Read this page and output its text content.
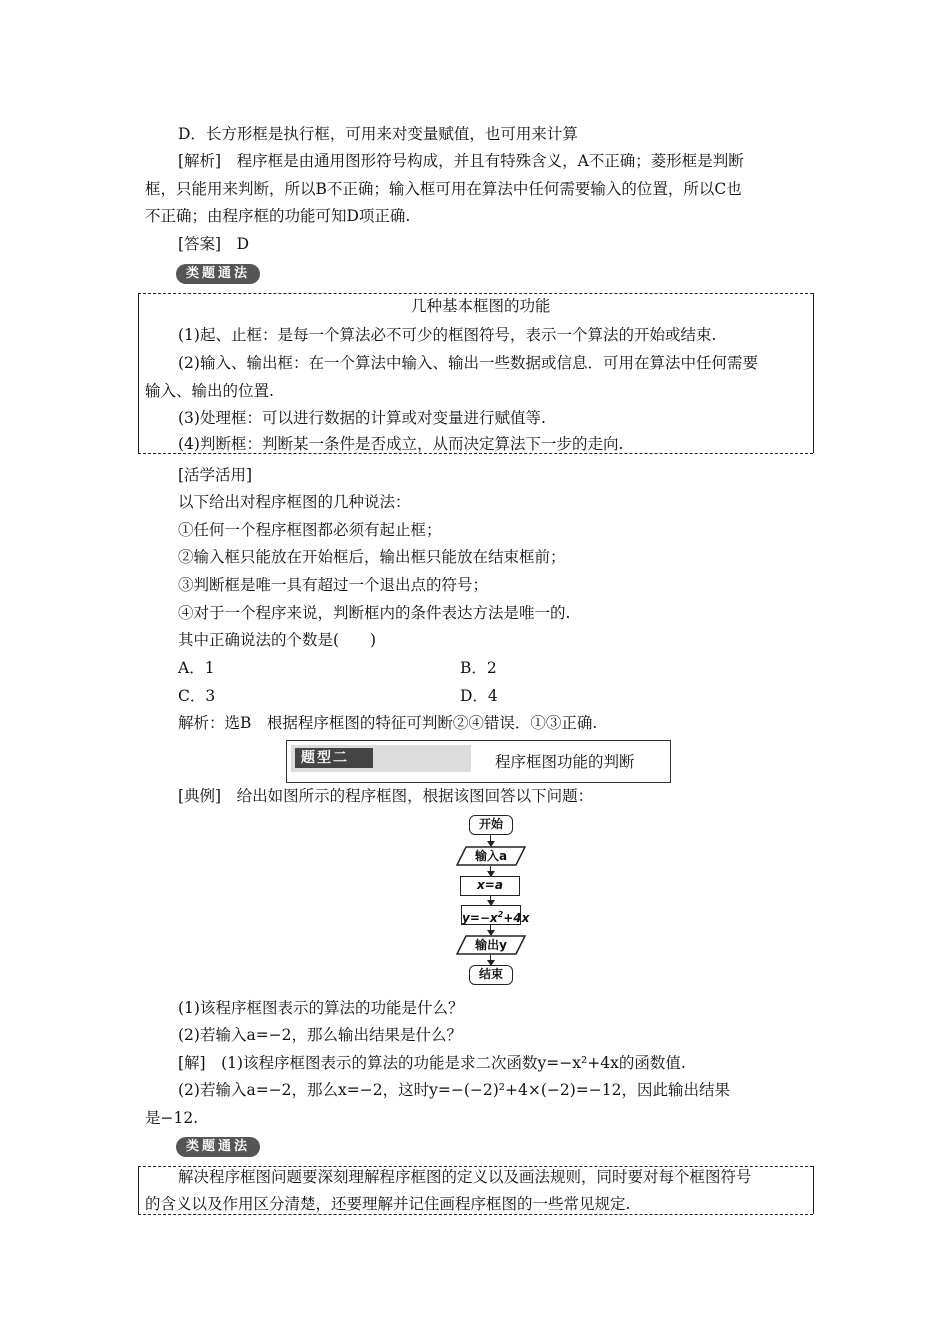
D．长方形框是执行框，可用来对变量赋值，也可用来计算
[解析]　程序框是由通用图形符号构成，并且有特殊含义，A不正确；菱形框是判断
框，只能用来判断，所以B不正确；输入框可用在算法中任何需要输入的位置，所以C也
不正确；由程序框的功能可知D项正确.
[答案]　D
类题通法
几种基本框图的功能
(1)起、止框：是每一个算法必不可少的框图符号，表示一个算法的开始或结束.
(2)输入、输出框：在一个算法中输入、输出一些数据或信息．可用在算法中任何需要
输入、输出的位置.
(3)处理框：可以进行数据的计算或对变量进行赋值等.
(4)判断框：判断某一条件是否成立，从而决定算法下一步的走向.
[活学活用]
以下给出对程序框图的几种说法：
①任何一个程序框图都必须有起止框；
②输入框只能放在开始框后，输出框只能放在结束框前；
③判断框是唯一具有超过一个退出点的符号；
④对于一个程序来说，判断框内的条件表达方法是唯一的.
其中正确说法的个数是(　　)
A．1	B．2
C．3	D．4
解析：选B　根据程序框图的特征可判断②④错误．①③正确.
题型二	程序框图功能的判断
[典例]　给出如图所示的程序框图，根据该图回答以下问题：
开始
输入a
x=a
$y=-x^2+4x$
输出y
结束
(1)该程序框图表示的算法的功能是什么？
(2)若输入a=−2，那么输出结果是什么？
[解]　(1)该程序框图表示的算法的功能是求二次函数y=−x²+4x的函数值.
(2)若输入a=−2，那么x=−2，这时y=−(−2)²+4×(−2)=−12，因此输出结果
是−12.
类题通法
解决程序框图问题要深刻理解程序框图的定义以及画法规则，同时要对每个框图符号
的含义以及作用区分清楚，还要理解并记住画程序框图的一些常见规定.
